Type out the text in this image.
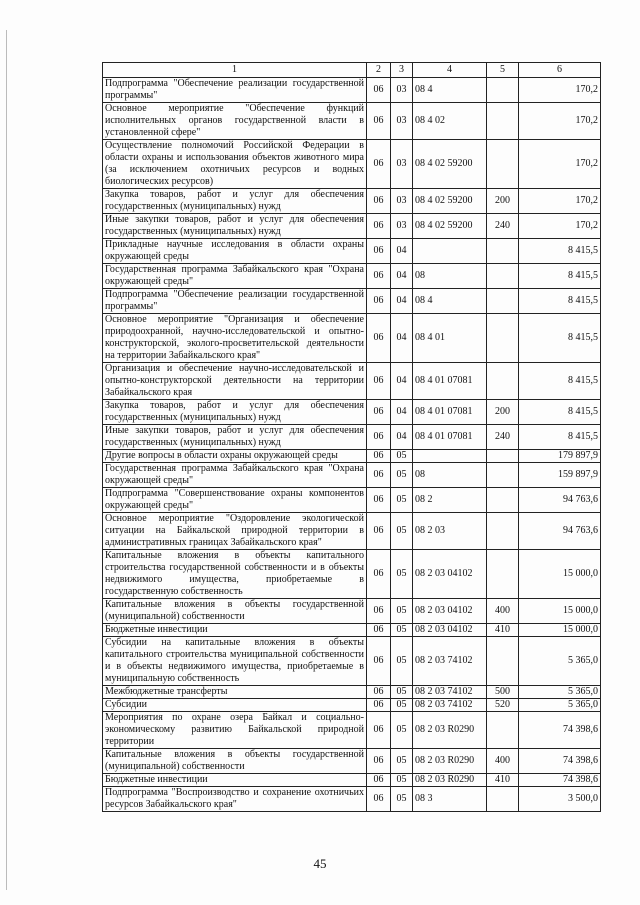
1	2	3	4	5	6
Подпрограмма "Обеспечение реализации государственной программы"	06	03	08 4		170,2
Основное мероприятие "Обеспечение функций исполнительных органов государственной власти в установленной сфере"	06	03	08 4 02		170,2
Осуществление полномочий Российской Федерации в области охраны и использования объектов животного мира (за исключением охотничьих ресурсов и водных биологических ресурсов)	06	03	08 4 02 59200		170,2
Закупка товаров, работ и услуг для обеспечения государственных (муниципальных) нужд	06	03	08 4 02 59200	200	170,2
Иные закупки товаров, работ и услуг для обеспечения государственных (муниципальных) нужд	06	03	08 4 02 59200	240	170,2
Прикладные научные исследования в области охраны окружающей среды	06	04			8 415,5
Государственная программа Забайкальского края "Охрана окружающей среды"	06	04	08		8 415,5
Подпрограмма "Обеспечение реализации государственной программы"	06	04	08 4		8 415,5
Основное мероприятие "Организация и обеспечение природоохранной, научно-исследовательской и опытно-конструкторской, эколого-просветительской деятельности на территории Забайкальского края"	06	04	08 4 01		8 415,5
Организация и обеспечение научно-исследовательской и опытно-конструкторской деятельности на территории Забайкальского края	06	04	08 4 01 07081		8 415,5
Закупка товаров, работ и услуг для обеспечения государственных (муниципальных) нужд	06	04	08 4 01 07081	200	8 415,5
Иные закупки товаров, работ и услуг для обеспечения государственных (муниципальных) нужд	06	04	08 4 01 07081	240	8 415,5
Другие вопросы в области охраны окружающей среды	06	05			179 897,9
Государственная программа Забайкальского края "Охрана окружающей среды"	06	05	08		159 897,9
Подпрограмма "Совершенствование охраны компонентов окружающей среды"	06	05	08 2		94 763,6
Основное мероприятие "Оздоровление экологической ситуации на Байкальской природной территории в административных границах Забайкальского края"	06	05	08 2 03		94 763,6
Капитальные вложения в объекты капитального строительства государственной собственности и в объекты недвижимого имущества, приобретаемые в государственную собственность	06	05	08 2 03 04102		15 000,0
Капитальные вложения в объекты государственной (муниципальной) собственности	06	05	08 2 03 04102	400	15 000,0
Бюджетные инвестиции	06	05	08 2 03 04102	410	15 000,0
Субсидии на капитальные вложения в объекты капитального строительства муниципальной собственности и в объекты недвижимого имущества, приобретаемые в муниципальную собственность	06	05	08 2 03 74102		5 365,0
Межбюджетные трансферты	06	05	08 2 03 74102	500	5 365,0
Субсидии	06	05	08 2 03 74102	520	5 365,0
Мероприятия по охране озера Байкал и социально-экономическому развитию Байкальской природной территории	06	05	08 2 03 R0290		74 398,6
Капитальные вложения в объекты государственной (муниципальной) собственности	06	05	08 2 03 R0290	400	74 398,6
Бюджетные инвестиции	06	05	08 2 03 R0290	410	74 398,6
Подпрограмма "Воспроизводство и сохранение охотничьих ресурсов Забайкальского края"	06	05	08 3		3 500,0
45
